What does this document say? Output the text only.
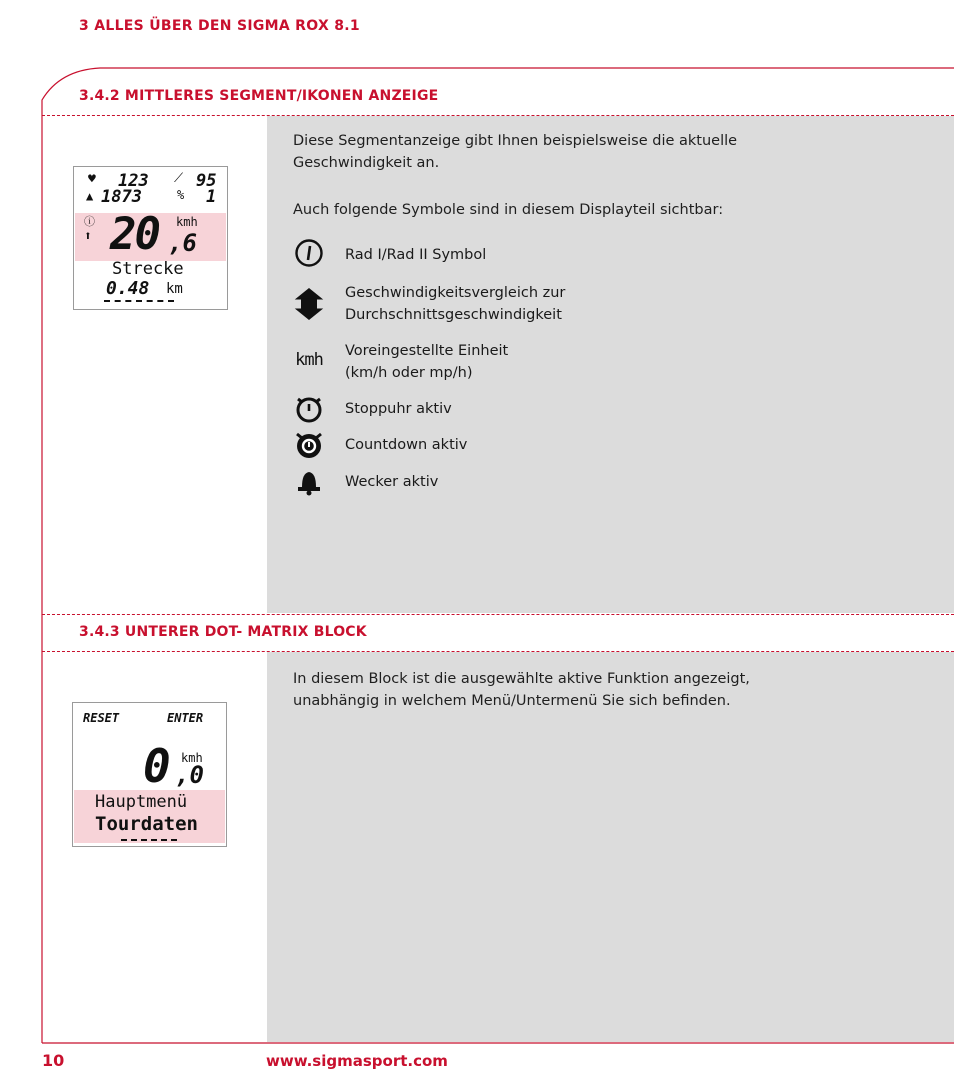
3 ALLES ÜBER DEN SIGMA ROX 8.1
3.4.2 MITTLERES SEGMENT/IKONEN ANZEIGE
Diese Segmentanzeige gibt Ihnen beispielsweise die aktuelle
Geschwindigkeit an.
Auch folgende Symbole sind in diesem Displayteil sichtbar:
Rad I/Rad II Symbol
Geschwindigkeitsvergleich zur
Durchschnittsgeschwindigkeit
kmh Voreingestellte Einheit
(km/h oder mp/h)
Stoppuhr aktiv
Countdown aktiv
Wecker aktiv
♥ 123 ⟋ 95
▲ 1873	% 1
ⓘ
⬆ 20 ,6
kmh
Strecke
0.48 km
3.4.3 UNTERER DOT- MATRIX BLOCK
In diesem Block ist die ausgewählte aktive Funktion angezeigt,
unabhängig in welchem Menü/Untermenü Sie sich befinden.
RESET	ENTER
0 ,0
kmh
Hauptmenü
Tourdaten
10	www.sigmasport.com
